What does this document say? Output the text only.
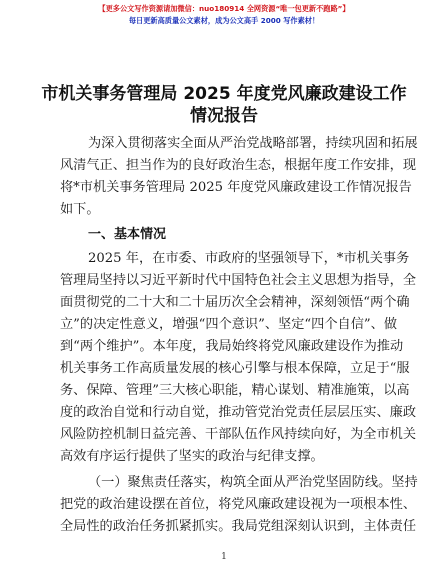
【更多公文写作资源请加微信：nuo180914 全网资源“唯一包更新不跑路”】
每日更新高质量公文素材，成为公文高手 2000 写作素材！
市机关事务管理局 2025 年度党风廉政建设工作
情况报告
为深入贯彻落实全面从严治党战略部署，持续巩固和拓展
风清气正、担当作为的良好政治生态，根据年度工作安排，现
将*市机关事务管理局 2025 年度党风廉政建设工作情况报告
如下。
一、基本情况
2025 年，在市委、市政府的坚强领导下，*市机关事务
管理局坚持以习近平新时代中国特色社会主义思想为指导，全
面贯彻党的二十大和二十届历次全会精神，深刻领悟“两个确
立”的决定性意义，增强“四个意识”、坚定“四个自信”、做
到“两个维护”。本年度，我局始终将党风廉政建设作为推动
机关事务工作高质量发展的核心引擎与根本保障，立足于“服
务、保障、管理”三大核心职能，精心谋划、精准施策，以高
度的政治自觉和行动自觉，推动管党治党责任层层压实、廉政
风险防控机制日益完善、干部队伍作风持续向好，为全市机关
高效有序运行提供了坚实的政治与纪律支撑。
（一）聚焦责任落实，构筑全面从严治党坚固防线。坚持
把党的政治建设摆在首位，将党风廉政建设视为一项根本性、
全局性的政治任务抓紧抓实。我局党组深刻认识到，主体责任
1
